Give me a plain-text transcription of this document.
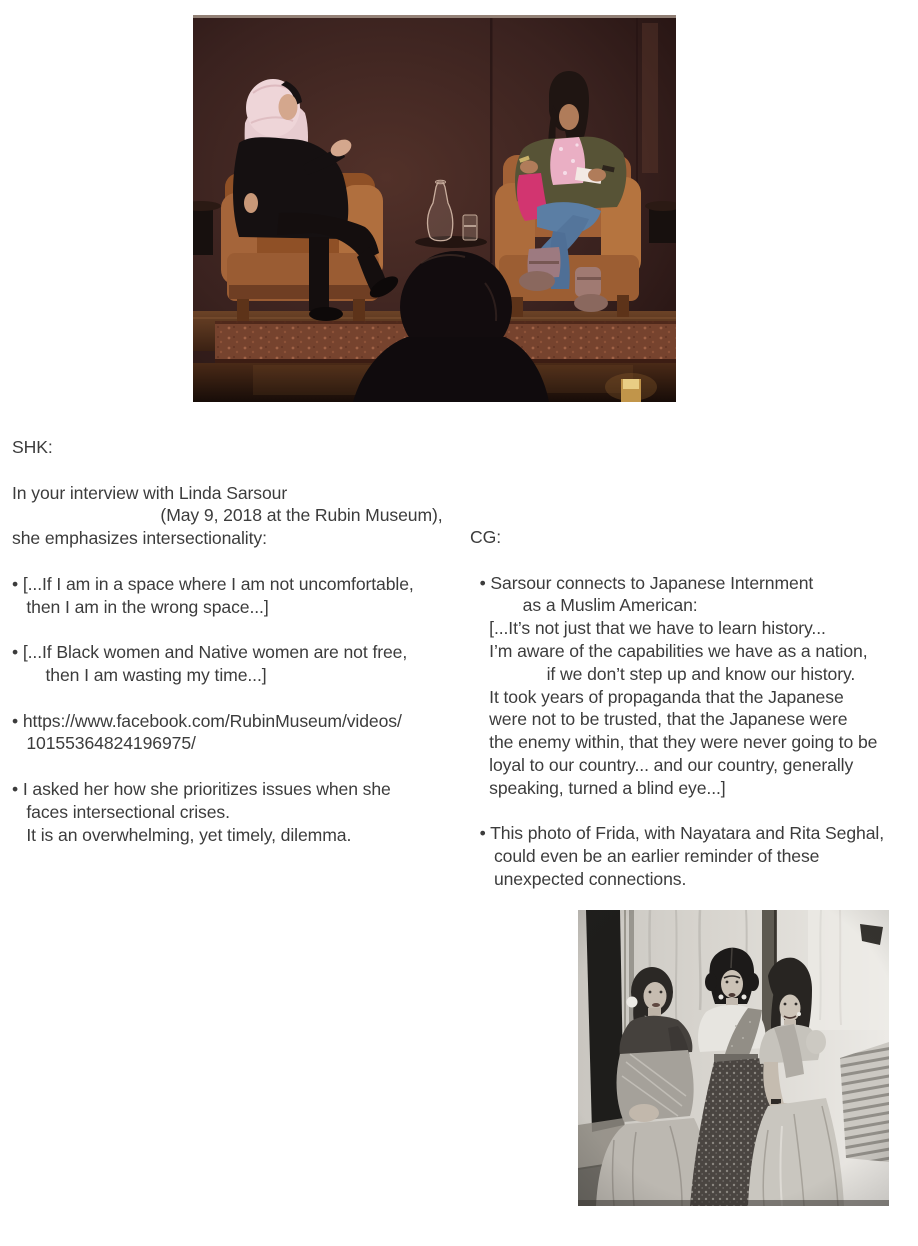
SHK:
In your interview with Linda Sarsour
(May 9, 2018 at the Rubin Museum),
she emphasizes intersectionality:
• [...If I am in a space where I am not uncomfortable,
then I am in the wrong space...]
• [...If Black women and Native women are not free,
then I am wasting my time...]
• https://www.facebook.com/RubinMuseum/videos/
10155364824196975/
• I asked her how she prioritizes issues when she
faces intersectional crises.
It is an overwhelming, yet timely, dilemma.
CG:
• Sarsour connects to Japanese Internment
as a Muslim American:
[...It’s not just that we have to learn history...
I’m aware of the capabilities we have as a nation,
if we don’t step up and know our history.
It took years of propaganda that the Japanese
were not to be trusted, that the Japanese were
the enemy within, that they were never going to be
loyal to our country... and our country, generally
speaking, turned a blind eye...]
• This photo of Frida, with Nayatara and Rita Seghal,
could even be an earlier reminder of these
unexpected connections.
